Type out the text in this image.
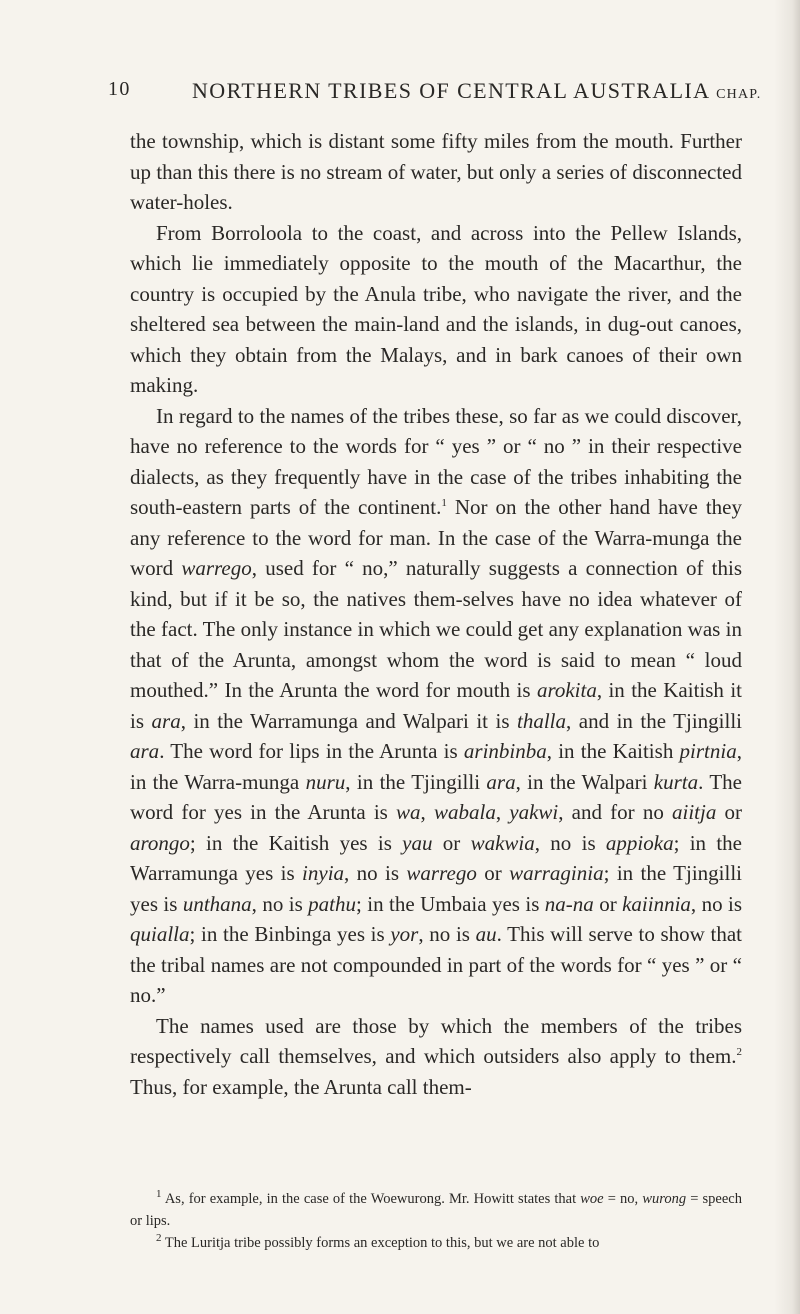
10	NORTHERN TRIBES OF CENTRAL AUSTRALIA CHAP.

the township, which is distant some fifty miles from the mouth. Further up than this there is no stream of water, but only a series of disconnected water-holes.

From Borroloola to the coast, and across into the Pellew Islands, which lie immediately opposite to the mouth of the Macarthur, the country is occupied by the Anula tribe, who navigate the river, and the sheltered sea between the main-land and the islands, in dug-out canoes, which they obtain from the Malays, and in bark canoes of their own making.

In regard to the names of the tribes these, so far as we could discover, have no reference to the words for “ yes ” or “ no ” in their respective dialects, as they frequently have in the case of the tribes inhabiting the south-eastern parts of the continent.$^1$ Nor on the other hand have they any reference to the word for man. In the case of the Warra-munga the word warrego, used for “ no,” naturally suggests a connection of this kind, but if it be so, the natives them-selves have no idea whatever of the fact. The only instance in which we could get any explanation was in that of the Arunta, amongst whom the word is said to mean “ loud mouthed.” In the Arunta the word for mouth is arokita, in the Kaitish it is ara, in the Warramunga and Walpari it is thalla, and in the Tjingilli ara. The word for lips in the Arunta is arinbinba, in the Kaitish pirtnia, in the Warra-munga nuru, in the Tjingilli ara, in the Walpari kurta. The word for yes in the Arunta is wa, wabala, yakwi, and for no aiitja or arongo; in the Kaitish yes is yau or wakwia, no is appioka; in the Warramunga yes is inyia, no is warrego or warraginia; in the Tjingilli yes is unthana, no is pathu; in the Umbaia yes is na-na or kaiinnia, no is quialla; in the Binbinga yes is yor, no is au. This will serve to show that the tribal names are not compounded in part of the words for “ yes ” or “ no.”

The names used are those by which the members of the tribes respectively call themselves, and which outsiders also apply to them.$^2$ Thus, for example, the Arunta call them-

$^1$ As, for example, in the case of the Woewurong. Mr. Howitt states that woe = no, wurong = speech or lips.

$^2$ The Luritja tribe possibly forms an exception to this, but we are not able to
